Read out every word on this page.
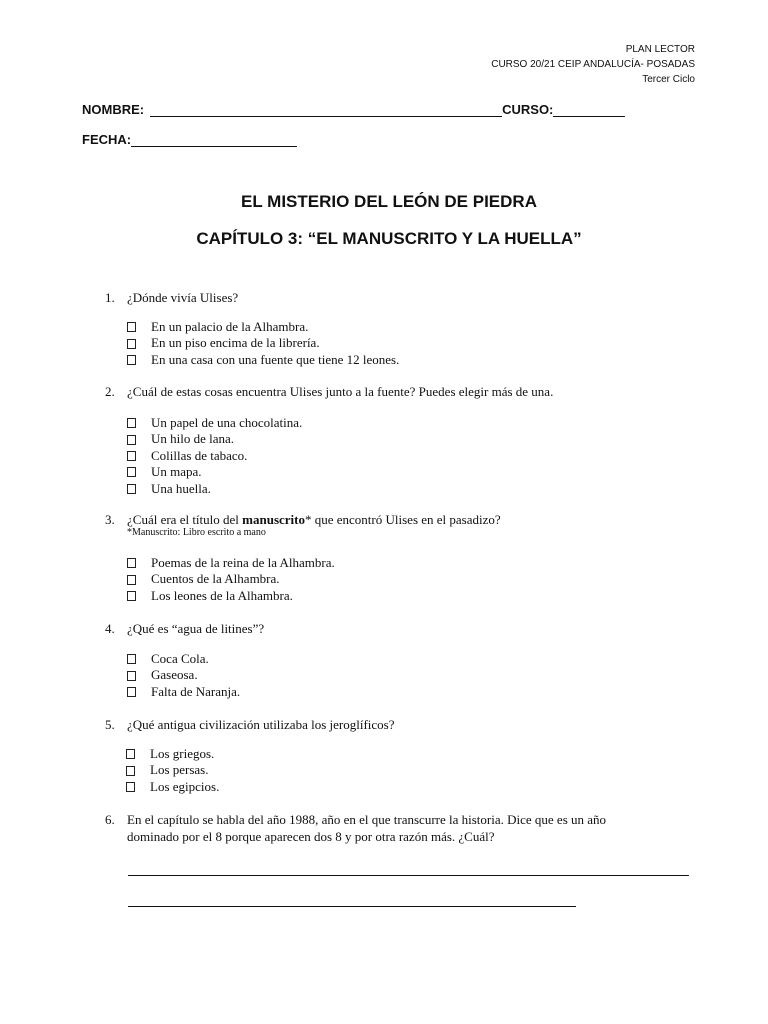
PLAN LECTOR
CURSO 20/21 CEIP ANDALUCÍA- POSADAS
Tercer Ciclo
NOMBRE:	CURSO:
FECHA:
EL MISTERIO DEL LEÓN DE PIEDRA
CAPÍTULO 3: “EL MANUSCRITO Y LA HUELLA”
1. ¿Dónde vivía Ulises?
En un palacio de la Alhambra.
En un piso encima de la librería.
En una casa con una fuente que tiene 12 leones.
2. ¿Cuál de estas cosas encuentra Ulises junto a la fuente? Puedes elegir más de una.
Un papel de una chocolatina.
Un hilo de lana.
Colillas de tabaco.
Un mapa.
Una huella.
3. ¿Cuál era el título del manuscrito* que encontró Ulises en el pasadizo?
*Manuscrito: Libro escrito a mano
Poemas de la reina de la Alhambra.
Cuentos de la Alhambra.
Los leones de la Alhambra.
4. ¿Qué es “agua de litines”?
Coca Cola.
Gaseosa.
Falta de Naranja.
5. ¿Qué antigua civilización utilizaba los jeroglíficos?
Los griegos.
Los persas.
Los egipcios.
6. En el capítulo se habla del año 1988, año en el que transcurre la historia. Dice que es un año
dominado por el 8 porque aparecen dos 8 y por otra razón más. ¿Cuál?
